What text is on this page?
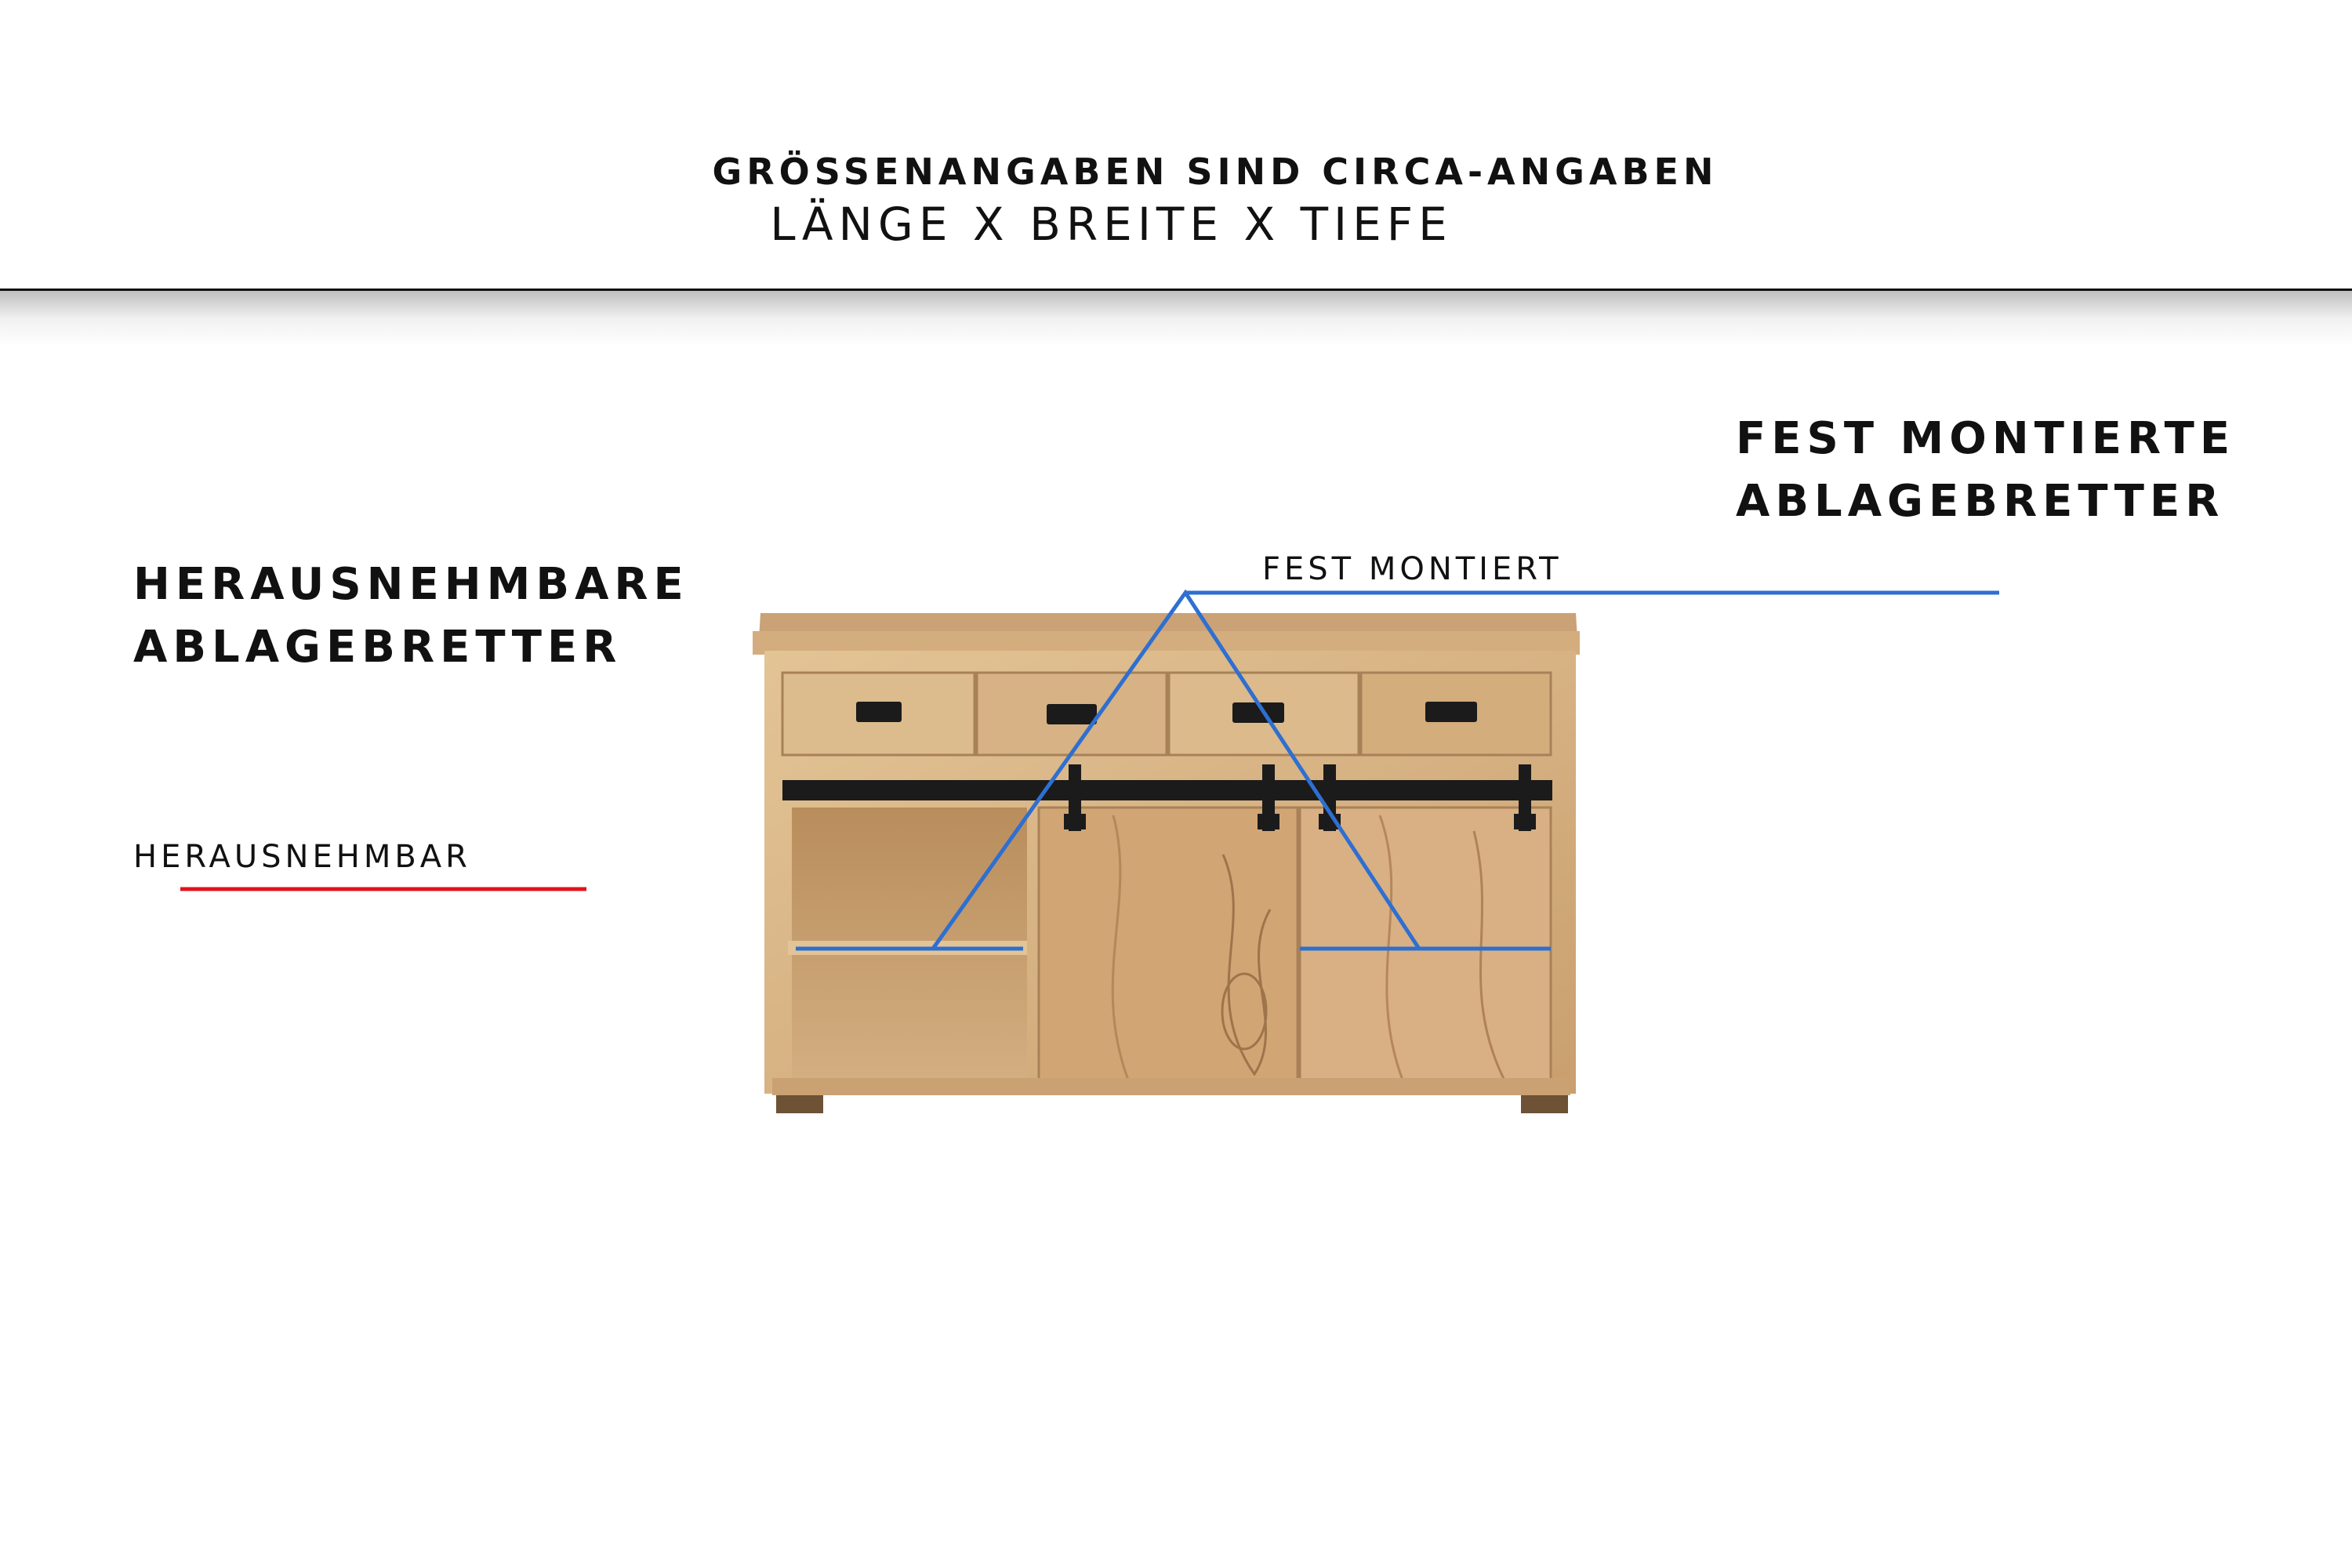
GRÖSSENANGABEN SIND CIRCA-ANGABEN
LÄNGE X BREITE X TIEFE
HERAUSNEHMBARE
ABLAGEBRETTER
FEST MONTIERTE
ABLAGEBRETTER
HERAUSNEHMBAR
FEST MONTIERT
